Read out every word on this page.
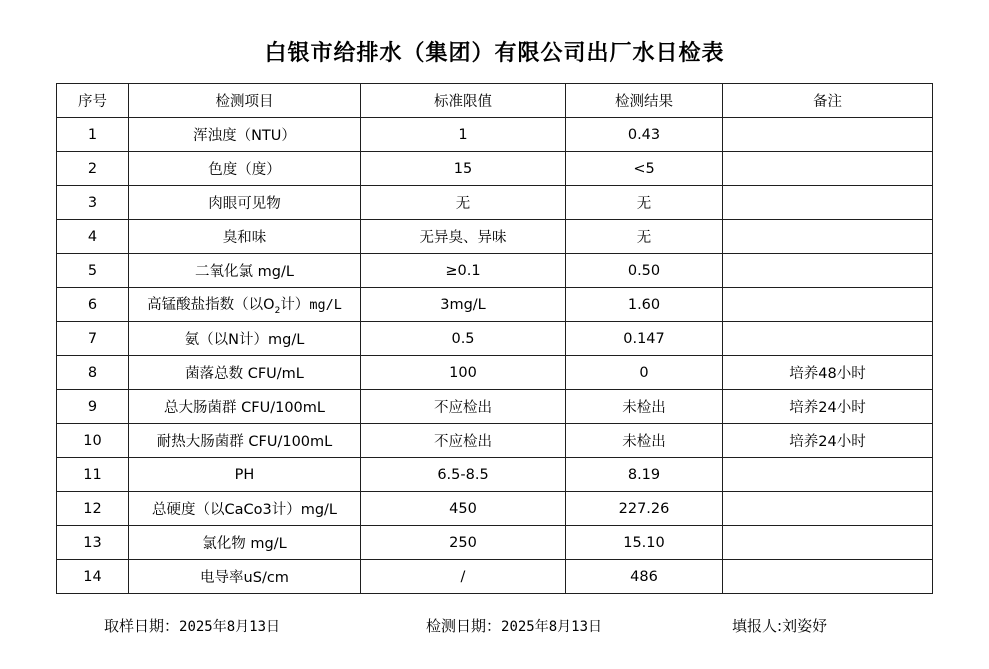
白银市给排水（集团）有限公司出厂水日检表
序号	检测项目	标准限值	检测结果	备注
1	浑浊度（NTU）	1	0.43	
2	色度（度）	15	<5	
3	肉眼可见物	无	无	
4	臭和味	无异臭、异味	无	
5	二氧化氯 mg/L	≥0.1	0.50	
6	高锰酸盐指数（以$O_2$计）mg/L	3mg/L	1.60	
7	氨（以N计）mg/L	0.5	0.147	
8	菌落总数 CFU/mL	100	0	培养48小时
9	总大肠菌群 CFU/100mL	不应检出	未检出	培养24小时
10	耐热大肠菌群 CFU/100mL	不应检出	未检出	培养24小时
11	PH	6.5-8.5	8.19	
12	总硬度（以CaCo3计）mg/L	450	227.26	
13	氯化物 mg/L	250	15.10	
14	电导率uS/cm	/	486	
取样日期：2025年8月13日	检测日期：2025年8月13日	填报人:刘姿妤
